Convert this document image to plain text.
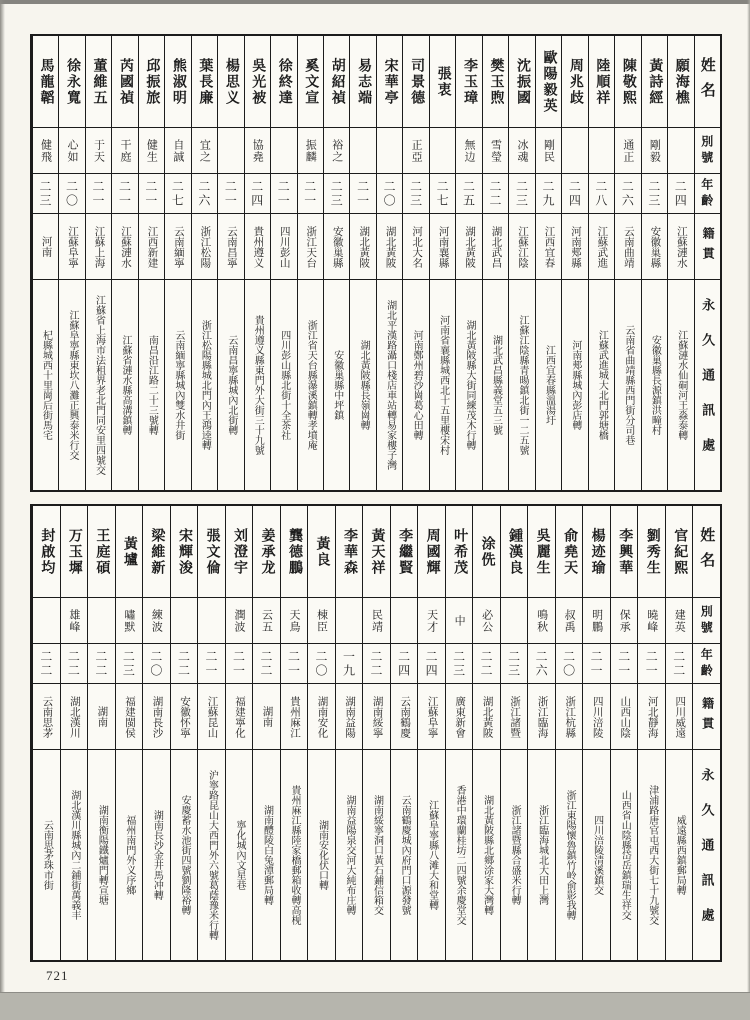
姓名
別號
年齡
籍貫
永久通訊處
願海樵
二四
江蘇漣水
江蘇漣水仙硐河王淼泰轉
黃詩經
剛毅
二三
安徽巢縣
安徽巢縣長源鎮洪疃村
陳敬熙
通正
二六
云南曲靖
云南省曲靖縣西門街分司巷
陸順祥
二八
江蘇武進
江蘇武進城大北門郭塘橋
周兆歧
二四
河南郟縣
河南郟縣城內彭店轉
歐陽毅英
剛民
二九
江西宜春
江西宜春縣溫湯圩
沈振國
冰魂
二三
江蘇江陰
江蘇江陰縣青暘鎮北街一二五號
樊玉煦
雪瑩
二二
湖北武昌
湖北武昌縣義堂五三號
李玉璋
無边
二五
湖北黃陂
湖北黃陂縣大街同練茂木行轉
張衷
二七
河南襄縣
河南省襄縣城西北十五里樓宋村
司景德
正亞
二三
河北大名
河南鄭州碧沙崗葛心田轉
宋華亭
二〇
湖北黃陂
湖北平漢路灄口棧店車站轉易家樓子灣
易志端
二一
湖北黃陂
湖北黃陂縣長嶺崗轉
胡紹禎
裕之
二三
安徽巢縣
安徽巢縣中坪鎮
奚文宣
振麟
二一
浙江天台
浙江省天台縣瀑溪鎮轉孝墳庵
徐終達
二一
四川彭山
四川彭山縣北街十全茶社
吳光被
協堯
二四
貴州遵义
貴州遵义縣東門外大街三十九號
楊思义
二一
云南昌寧
云南昌寧縣城內北街轉
葉長廉
宜之
二六
浙江松陽
浙江松陽縣城北門內王鴻逵轉
熊淑明
自誠
二七
云南緬寧
云南緬寧縣城內雙水井街
邱振旅
健生
二一
江西新建
南昌沿江路二十三號轉
芮國禎
干庭
二一
江蘇漣水
江蘇省漣水縣高溝鎮轉
董維五
于天
二一
江蘇上海
江蘇省上海市法租界老北門同安里四號交
徐永寬
心如
二〇
江蘇阜寧
江蘇阜寧縣東坎八灘正興泰米行交
馬龍韜
健飛
二三
河南
杞縣城西十里崗后街馬宅
姓名
別號
年齡
籍貫
永久通訊處
官紀熙
建英
二二
四川威遠
威遠縣西鎮郵局轉
劉秀生
曉峰
二一
河北靜海
津浦路唐官屯西大街七十九號交
李興華
保承
二一
山西山陰
山西省山陰縣岱岳鎮瑞生祥交
楊迹瑜
明鵬
二一
四川涪陵
四川涪陵清溪鎮交
俞堯天
叔禹
二〇
浙江杭縣
浙江東陽懷魯鎮竹岭俞影我轉
吳麗生
鳴秋
二六
浙江臨海
浙江臨海城北大田上灣
鍾漢良
二三
浙江諸暨
浙江諸暨縣合盛米行轉
涂侁
必公
二二
湖北黃陂
湖北黃陂縣北鄉涂家大灣轉
叶希茂
中
二三
廣東新會
香港中環蘭桂坊二四號余慶堂交
周國輝
天才
二四
江蘇阜寧
江蘇阜寧縣八滩大和堂轉
李繼賢
二四
云南鶴慶
云南鶴慶城內府門口源發號
黃天祥
民靖
二二
湖南綏寧
湖南綏寧洞口黃石鋪信箱交
李華森
一九
湖南益陽
湖南益陽泉交河大純布庄轉
黃良
棟臣
二〇
湖南安化
湖南安化伏口轉
龔德鵬
天鳥
二一
貴州麻江
貴州麻江縣陸家橋郵箱收轉高枧
姜承龙
云五
二二
湖南
湖南醴陵白兔潭郵局轉
刘澄宇
潤波
二一
福建寧化
寧化城內文星巷
張文倫
二一
江蘇昆山
沪寧路昆山大西門外六號葛蔭豫米行轉
宋輝浚
二二
安徽怀寧
安慶蓄水池街四號劉隆裕轉
梁維新
練波
二〇
湖南長沙
湖南長沙金井馬冲轉
黃壚
嘯默
二三
福建閩侯
福州南門外义序鄉
王庭碩
二二
湖南
湖南衡陽鐵爐門轉宣塘
万玉墀
雄峰
二二
湖北漢川
湖北漢川縣城內二鋪街萬義丰
封啟均
二二
云南思茅
云南思茅珠市街
721
